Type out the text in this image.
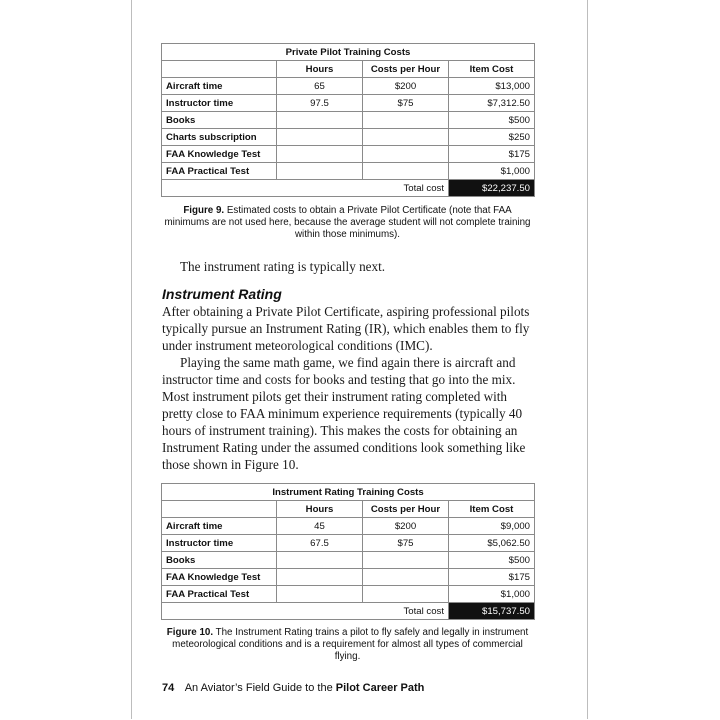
Private Pilot Training Costs			
	Hours	Costs per Hour	Item Cost
Aircraft time	65	$200	$13,000
Instructor time	97.5	$75	$7,312.50
Books			$500
Charts subscription			$250
FAA Knowledge Test			$175
FAA Practical Test			$1,000
Total cost			$22,237.50
Figure 9. Estimated costs to obtain a Private Pilot Certificate (note that FAA minimums are not used here, because the average student will not complete training within those minimums).

The instrument rating is typically next.

Instrument Rating

After obtaining a Private Pilot Certificate, aspiring professional pilots typically pursue an Instrument Rating (IR), which enables them to fly under instrument meteorological conditions (IMC).

Playing the same math game, we find again there is aircraft and instructor time and costs for books and testing that go into the mix. Most instrument pilots get their instrument rating completed with pretty close to FAA minimum experience requirements (typically 40 hours of instrument training). This makes the costs for obtaining an Instrument Rating under the assumed conditions look something like those shown in Figure 10.

Instrument Rating Training Costs			
	Hours	Costs per Hour	Item Cost
Aircraft time	45	$200	$9,000
Instructor time	67.5	$75	$5,062.50
Books			$500
FAA Knowledge Test			$175
FAA Practical Test			$1,000
Total cost			$15,737.50
Figure 10. The Instrument Rating trains a pilot to fly safely and legally in instrument meteorological conditions and is a requirement for almost all types of commercial flying.
74 An Aviator’s Field Guide to the Pilot Career Path
